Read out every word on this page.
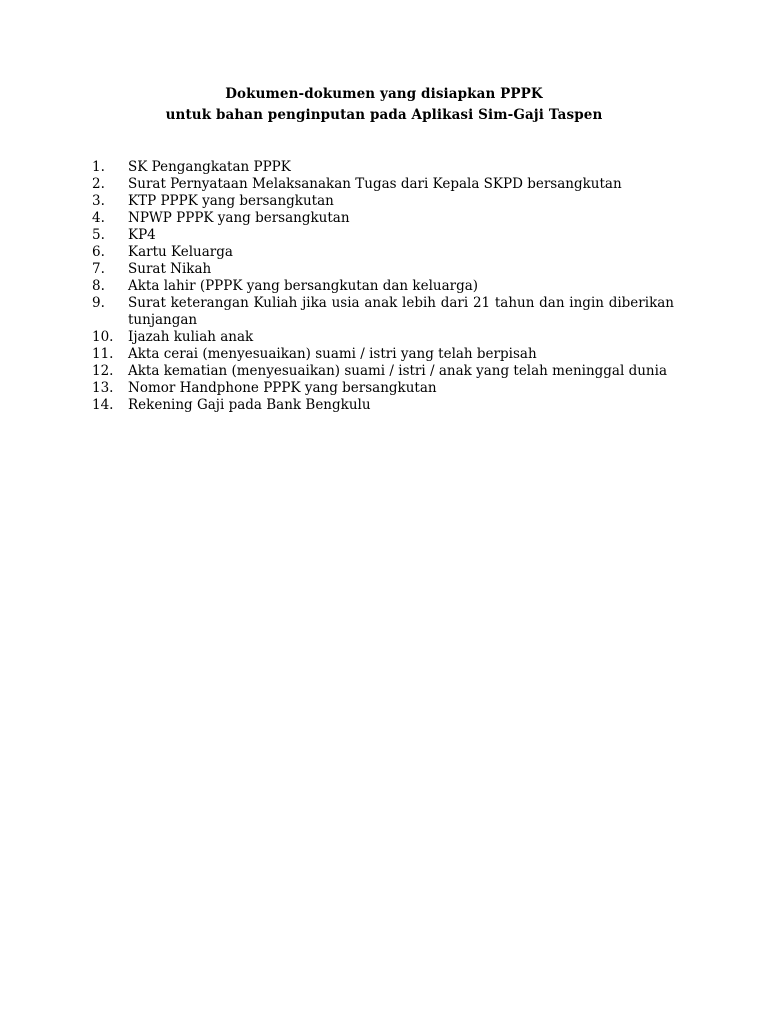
Dokumen-dokumen yang disiapkan PPPK
untuk bahan penginputan pada Aplikasi Sim-Gaji Taspen
1.	SK Pengangkatan PPPK
2.	Surat Pernyataan Melaksanakan Tugas dari Kepala SKPD bersangkutan
3.	KTP PPPK yang bersangkutan
4.	NPWP PPPK yang bersangkutan
5.	KP4
6.	Kartu Keluarga
7.	Surat Nikah
8.	Akta lahir (PPPK yang bersangkutan dan keluarga)
9.	Surat keterangan Kuliah jika usia anak lebih dari 21 tahun dan ingin diberikan tunjangan
10.	Ijazah kuliah anak
11.	Akta cerai (menyesuaikan) suami / istri yang telah berpisah
12.	Akta kematian (menyesuaikan) suami / istri / anak yang telah meninggal dunia
13.	Nomor Handphone PPPK yang bersangkutan
14.	Rekening Gaji pada Bank Bengkulu
